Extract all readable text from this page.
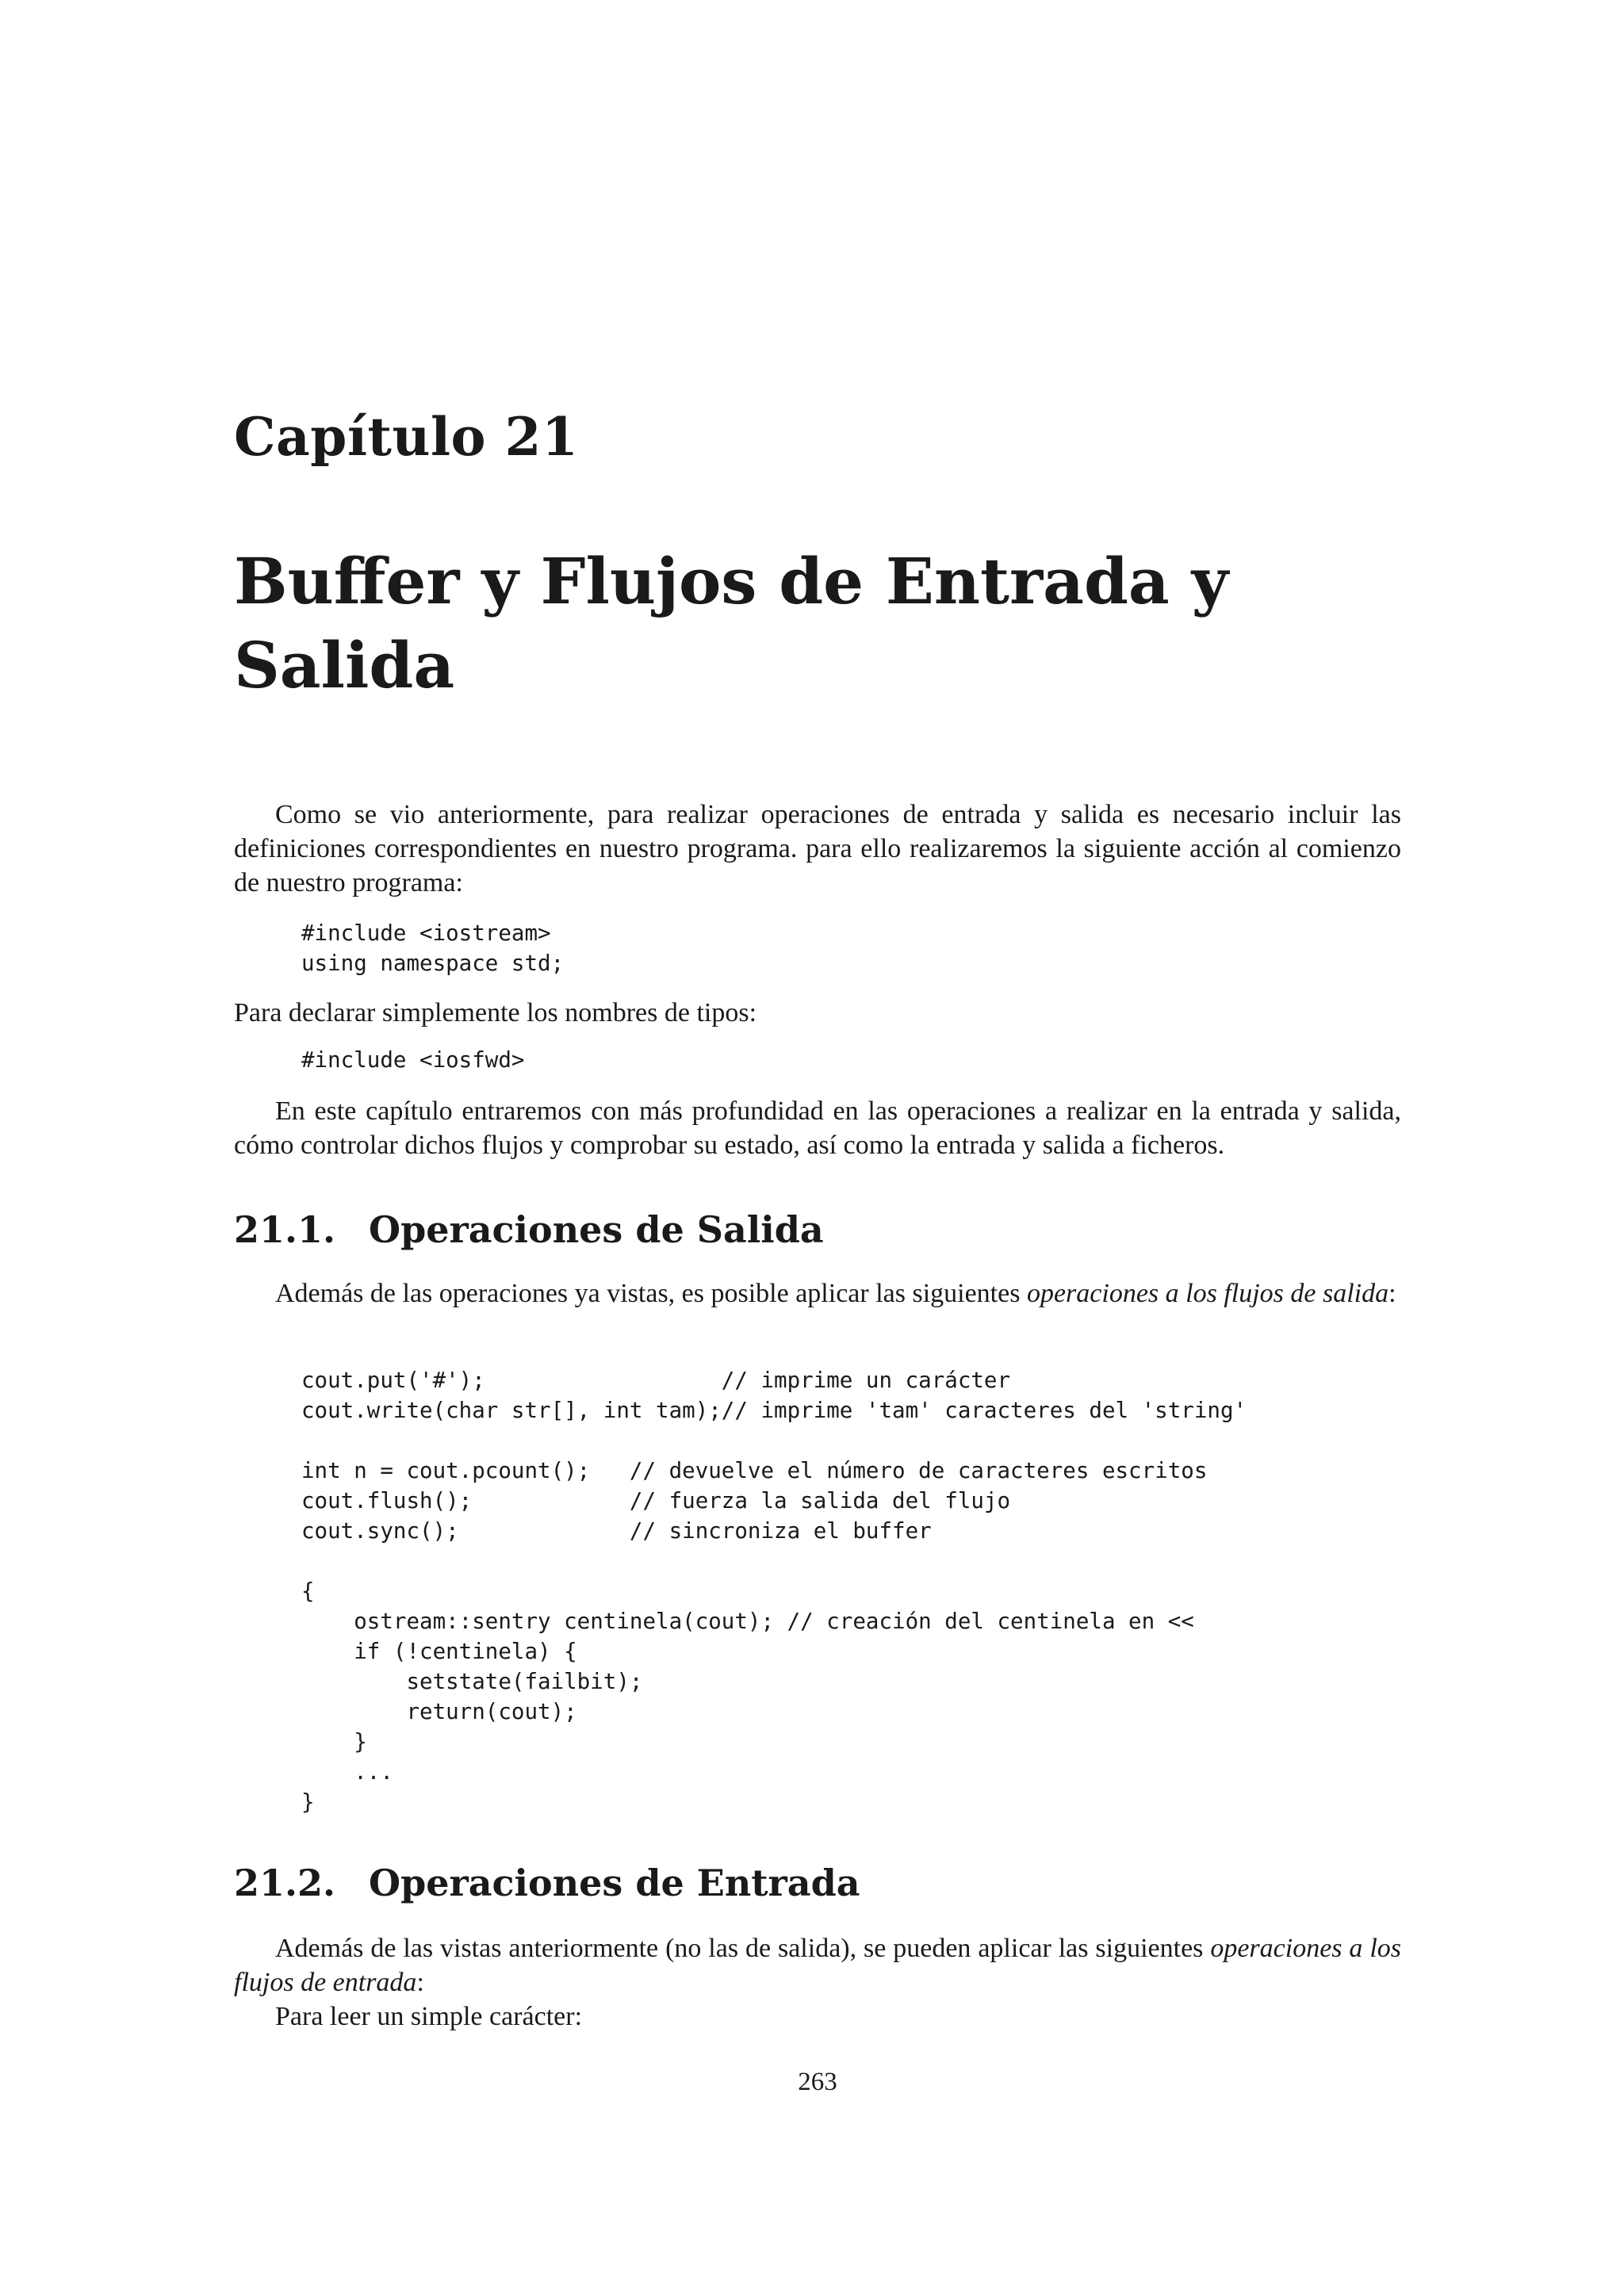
Capítulo 21
Buffer y Flujos de Entrada y
Salida

Como se vio anteriormente, para realizar operaciones de entrada y salida es necesario incluir las definiciones correspondientes en nuestro programa. para ello realizaremos la siguiente acción al comienzo de nuestro programa:

#include <iostream>
using namespace std;

Para declarar simplemente los nombres de tipos:

#include <iosfwd>

En este capítulo entraremos con más profundidad en las operaciones a realizar en la entrada y salida, cómo controlar dichos flujos y comprobar su estado, así como la entrada y salida a ficheros.

21.1. Operaciones de Salida

Además de las operaciones ya vistas, es posible aplicar las siguientes operaciones a los flujos de salida:

cout.put('#');                  // imprime un carácter
cout.write(char str[], int tam);// imprime 'tam' caracteres del 'string'

int n = cout.pcount();   // devuelve el número de caracteres escritos
cout.flush();            // fuerza la salida del flujo
cout.sync();             // sincroniza el buffer

{
ostream::sentry centinela(cout); // creación del centinela en <<
if (!centinela) {
setstate(failbit);
return(cout);
}
...
}
21.2. Operaciones de Entrada

Además de las vistas anteriormente (no las de salida), se pueden aplicar las siguientes operaciones a los flujos de entrada:

Para leer un simple carácter:

263
